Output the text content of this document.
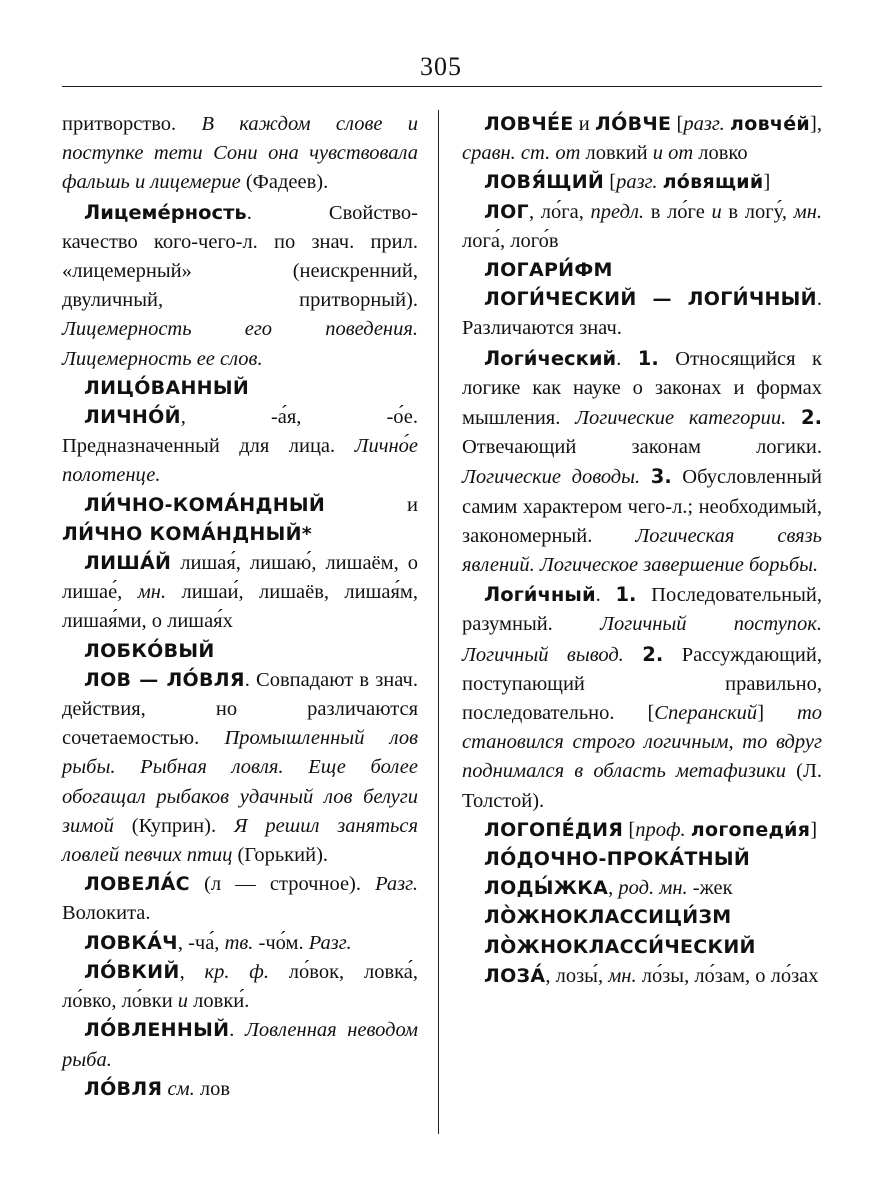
305

притворство. В каждом слове и поступке тети Сони она чувствовала фальшь и лицемерие (Фадеев).

Лицеме́рность. Свойство-качество кого-чего-л. по знач. прил. «лицемерный» (неискренний, двуличный, притворный). Лицемерность его поведения. Лицемерность ее слов.

ЛИЦО́ВАННЫЙ

ЛИЧНО́Й, -а́я, -о́е. Предназначенный для лица. Лично́е полотенце.

ЛИ́ЧНО-КОМА́НДНЫЙ и ЛИ́ЧНО КОМА́НДНЫЙ*

ЛИША́Й лишая́, лишаю́, лишаём, о лишае́, мн. лишаи́, лишаёв, лишая́м, лишая́ми, о лишая́х

ЛОБКО́ВЫЙ

ЛОВ — ЛО́ВЛЯ. Совпадают в знач. действия, но различаются сочетаемостью. Промышленный лов рыбы. Рыбная ловля. Еще более обогащал рыбаков удачный лов белуги зимой (Куприн). Я решил заняться ловлей певчих птиц (Горький).

ЛОВЕЛА́С (л — строчное). Разг. Волокита.

ЛОВКА́Ч, -ча́, тв. -чо́м. Разг.

ЛО́ВКИЙ, кр. ф. ло́вок, ловка́, ло́вко, ло́вки и ловки́.

ЛО́ВЛЕННЫЙ. Ловленная неводом рыба.

ЛО́ВЛЯ см. лов

ЛОВЧЕ́Е и ЛО́ВЧЕ [разг. ловче́й], сравн. ст. от ловкий и от ловко

ЛОВЯ́ЩИЙ [разг. ло́вящий]

ЛОГ, ло́га, предл. в ло́ге и в логу́, мн. лога́, лого́в

ЛОГАРИ́ФМ

ЛОГИ́ЧЕСКИЙ — ЛОГИ́ЧНЫЙ. Различаются знач.

Логи́ческий. 1. Относящийся к логике как науке о законах и формах мышления. Логические категории. 2. Отвечающий законам логики. Логические доводы. 3. Обусловленный самим характером чего-л.; необходимый, закономерный. Логическая связь явлений. Логическое завершение борьбы.

Логи́чный. 1. Последовательный, разумный. Логичный поступок. Логичный вывод. 2. Рассуждающий, поступающий правильно, последовательно. [Сперанский] то становился строго логичным, то вдруг поднимался в область метафизики (Л. Толстой).

ЛОГОПЕ́ДИЯ [проф. логопеди́я]

ЛО́ДОЧНО-ПРОКА́ТНЫЙ

ЛОДЫ́ЖКА, род. мн. -жек

ЛО̀ЖНОКЛАССИЦИ́ЗМ

ЛО̀ЖНОКЛАССИ́ЧЕСКИЙ

ЛОЗА́, лозы́, мн. ло́зы, ло́зам, о ло́зах
